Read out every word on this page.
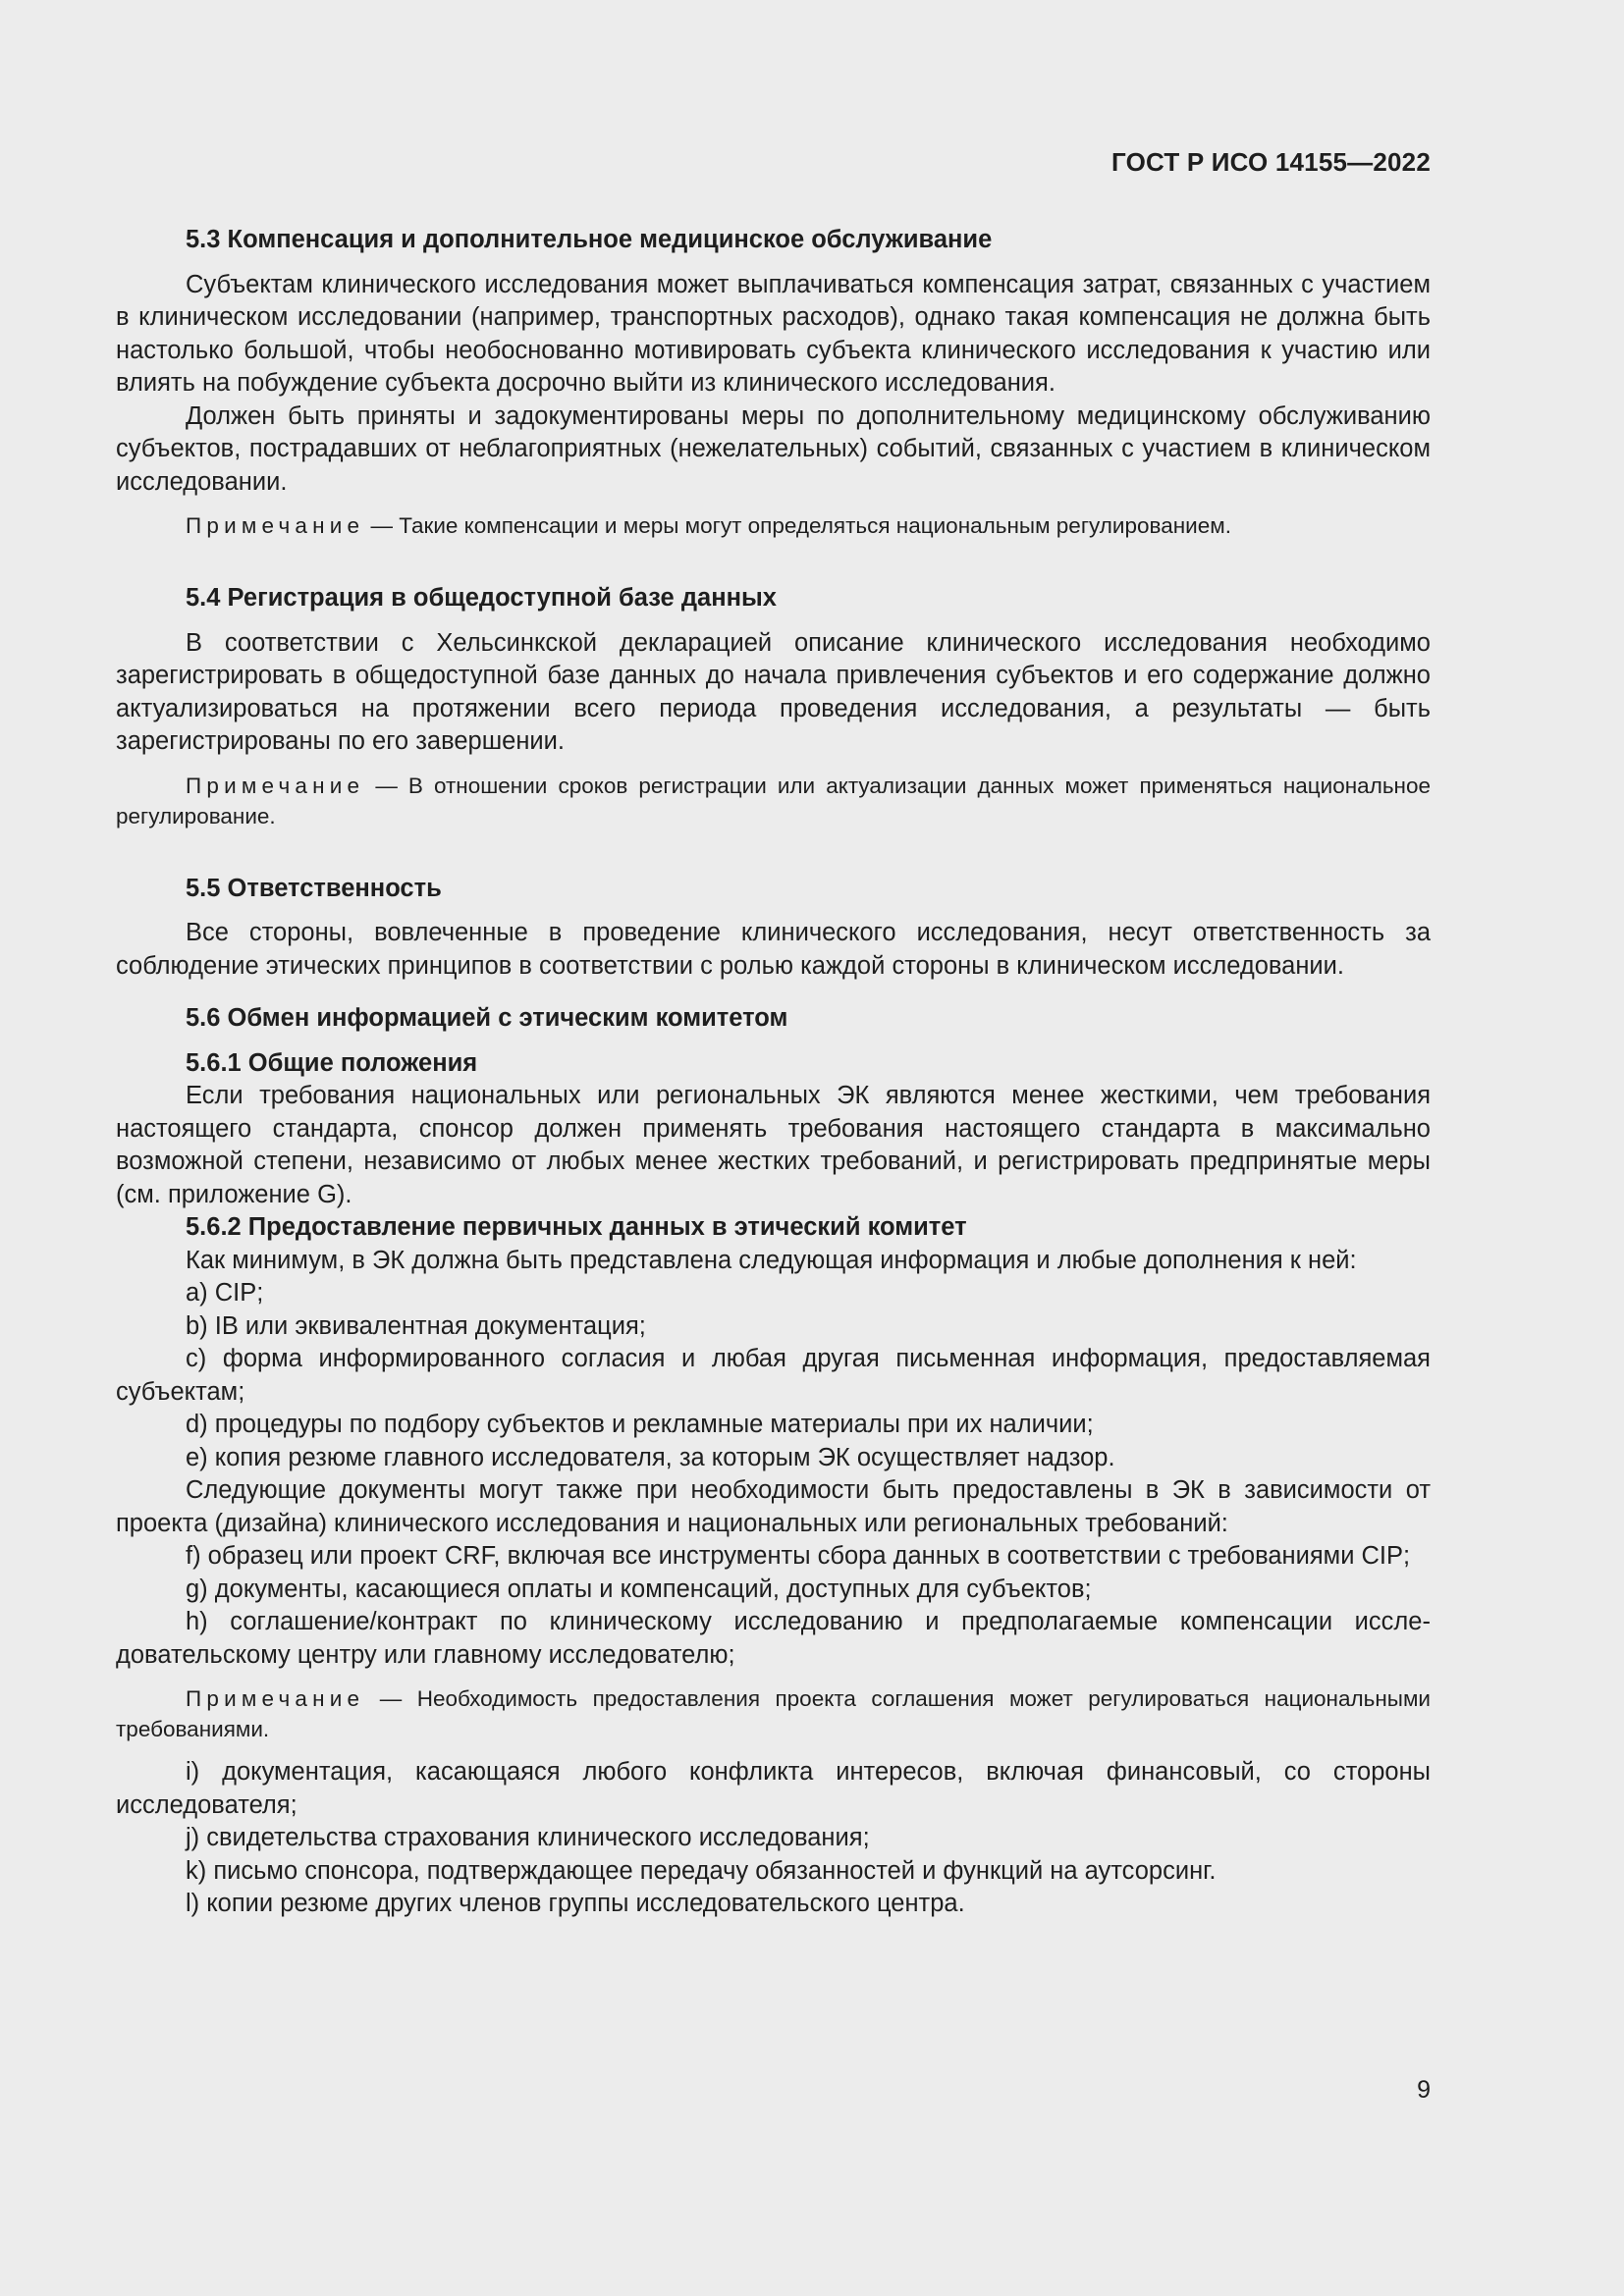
ГОСТ Р ИСО 14155—2022

5.3 Компенсация и дополнительное медицинское обслуживание

Субъектам клинического исследования может выплачиваться компенсация затрат, связанных с участием в клиническом исследовании (например, транспортных расходов), однако такая компенсация не должна быть настолько большой, чтобы необоснованно мотивировать субъекта клинического исследования к участию или влиять на побуждение субъекта досрочно выйти из клинического исследования.

Должен быть приняты и задокументированы меры по дополнительному медицинскому обслуживанию субъектов, пострадавших от неблагоприятных (нежелательных) событий, связанных с участием в клиническом исследовании.

Примечание — Такие компенсации и меры могут определяться национальным регулированием.

5.4 Регистрация в общедоступной базе данных

В соответствии с Хельсинкской декларацией описание клинического исследования необходимо зарегистрировать в общедоступной базе данных до начала привлечения субъектов и его содержание должно актуализироваться на протяжении всего периода проведения исследования, а результаты — быть зарегистрированы по его завершении.

Примечание — В отношении сроков регистрации или актуализации данных может применяться национальное регулирование.

5.5 Ответственность

Все стороны, вовлеченные в проведение клинического исследования, несут ответственность за соблюдение этических принципов в соответствии с ролью каждой стороны в клиническом исследовании.

5.6 Обмен информацией с этическим комитетом

5.6.1 Общие положения

Если требования национальных или региональных ЭК являются менее жесткими, чем требования настоящего стандарта, спонсор должен применять требования настоящего стандарта в максимально возможной степени, независимо от любых менее жестких требований, и регистрировать предпринятые меры (см. приложение G).

5.6.2 Предоставление первичных данных в этический комитет

Как минимум, в ЭК должна быть представлена следующая информация и любые дополнения к ней:

a) CIP;

b) IB или эквивалентная документация;

c) форма информированного согласия и любая другая письменная информация, предоставляемая субъектам;

d) процедуры по подбору субъектов и рекламные материалы при их наличии;

e) копия резюме главного исследователя, за которым ЭК осуществляет надзор.

Следующие документы могут также при необходимости быть предоставлены в ЭК в зависимости от проекта (дизайна) клинического исследования и национальных или региональных требований:

f) образец или проект CRF, включая все инструменты сбора данных в соответствии с требованиями CIP;

g) документы, касающиеся оплаты и компенсаций, доступных для субъектов;

h) соглашение/контракт по клиническому исследованию и предполагаемые компенсации исследовательскому центру или главному исследователю;

Примечание — Необходимость предоставления проекта соглашения может регулироваться национальными требованиями.

i) документация, касающаяся любого конфликта интересов, включая финансовый, со стороны исследователя;

j) свидетельства страхования клинического исследования;

k) письмо спонсора, подтверждающее передачу обязанностей и функций на аутсорсинг.

l) копии резюме других членов группы исследовательского центра.

9
